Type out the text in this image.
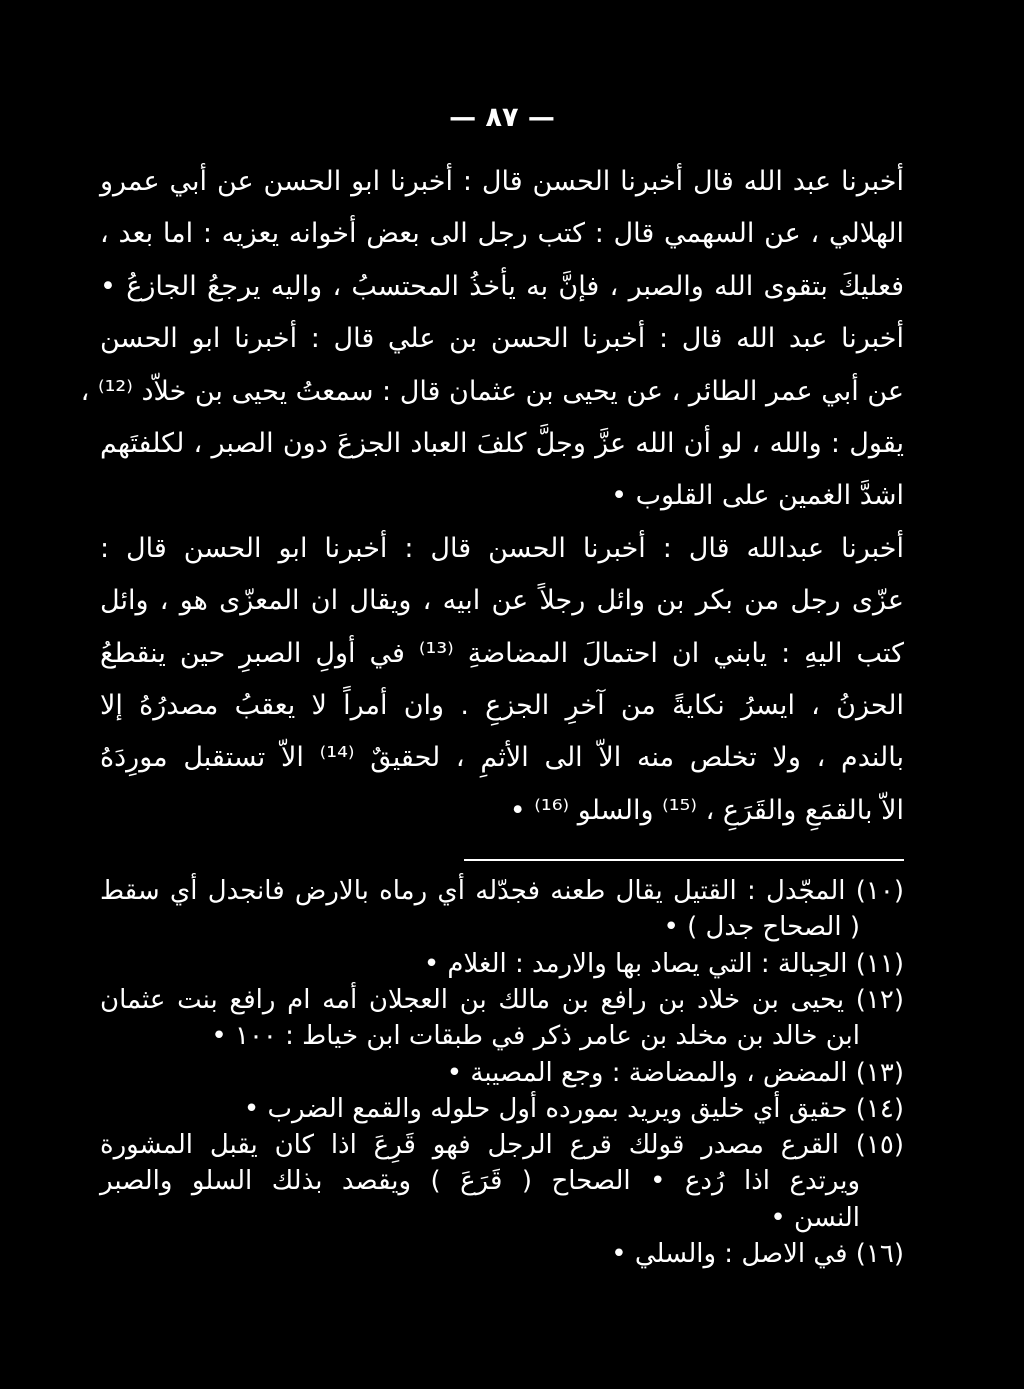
— ٨٧ —
أخبرنا عبد الله قال أخبرنا الحسن قال : أخبرنا ابو الحسن عن أبي عمرو
الهلالي ، عن السهمي قال : كتب رجل الى بعض أخوانه يعزيه : اما بعد ،
فعليكَ بتقوى الله والصبر ، فإنَّ به يأخذُ المحتسبُ ، واليه يرجعُ الجازعُ •
أخبرنا عبد الله قال : أخبرنا الحسن بن علي قال : أخبرنا ابو الحسن
عن أبي عمر الطائر ، عن يحيى بن عثمان قال : سمعتُ يحيى بن خلاّد ⁽¹²⁾ ،
يقول : والله ، لو أن الله عزَّ وجلَّ كلفَ العباد الجزعَ دون الصبر ، لكلفتَهم
اشدَّ الغمين على القلوب •
أخبرنا عبدالله قال : أخبرنا الحسن قال : أخبرنا ابو الحسن قال :
عزّى رجل من بكر بن وائل رجلاً عن ابيه ، ويقال ان المعزّى هو ، وائل
كتب اليهِ : يابني ان احتمالَ المضاضةِ ⁽¹³⁾ في أولِ الصبرِ حين ينقطعُ
الحزنُ ، ايسرُ نكايةً من آخرِ الجزعِ . وان أمراً لا يعقبُ مصدرُهُ إلا
بالندم ، ولا تخلص منه الاّ الى الأثمِ ، لحقيقٌ ⁽¹⁴⁾ الاّ تستقبل مورِدَهُ
الاّ بالقمَعِ والقَرَعِ ، ⁽¹⁵⁾ والسلو ⁽¹⁶⁾ •
(١٠) المجّدل : القتيل يقال طعنه فجدّله أي رماه بالارض فانجدل أي سقط
( الصحاح جدل ) •
(١١) الحِبالة : التي يصاد بها والارمد : الغلام •
(١٢) يحيى بن خلاد بن رافع بن مالك بن العجلان أمه ام رافع بنت عثمان
ابن خالد بن مخلد بن عامر ذكر في طبقات ابن خياط : ١٠٠ •
(١٣) المضض ، والمضاضة : وجع المصيبة •
(١٤) حقيق أي خليق ويريد بمورده أول حلوله والقمع الضرب •
(١٥) القرع مصدر قولك قرع الرجل فهو قَرِعَ اذا كان يقبل المشورة
ويرتدع اذا رُدع • الصحاح ( قَرَعَ ) ويقصد بذلك السلو والصبر
النسن •
(١٦) في الاصل : والسلي •
